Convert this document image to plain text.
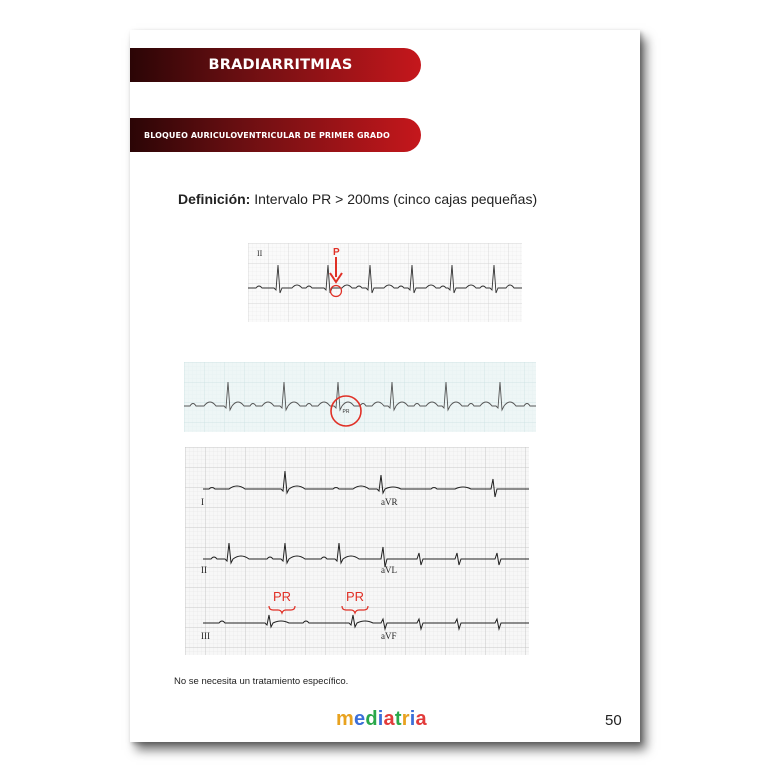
BRADIARRITMIAS
BLOQUEO AURICULOVENTRICULAR DE PRIMER GRADO
Definición: Intervalo PR > 200ms (cinco cajas pequeñas)
II	P
PR
I	aVR
II	aVL
III	aVF
PR	PR
No se necesita un tratamiento específico.
mediatria	50
